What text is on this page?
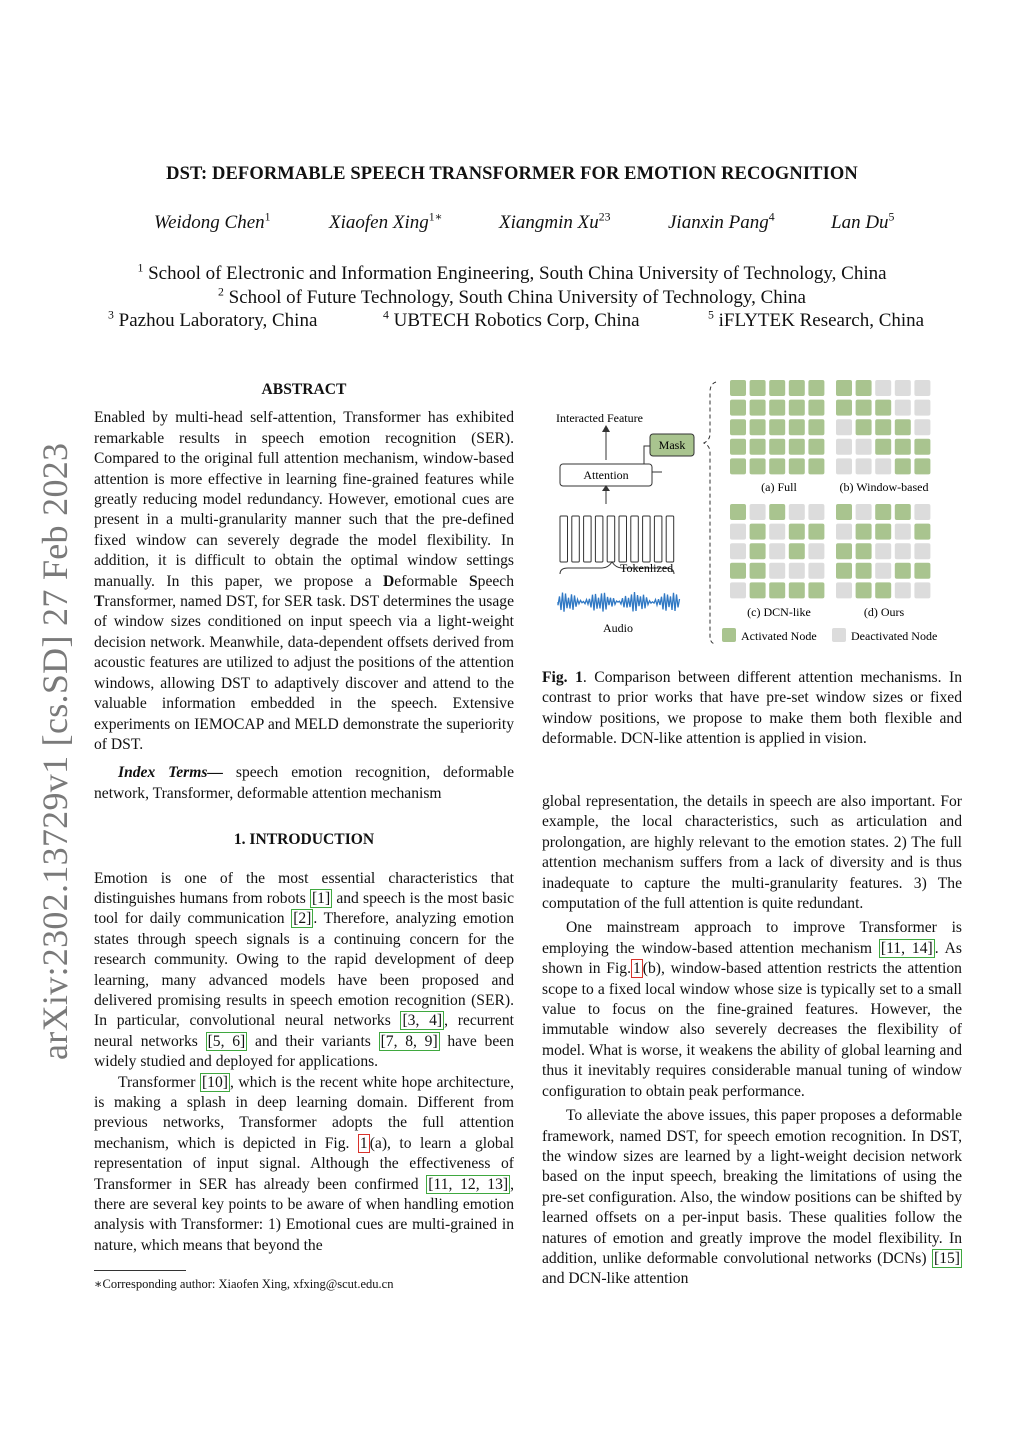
arXiv:2302.13729v1 [cs.SD] 27 Feb 2023
DST: DEFORMABLE SPEECH TRANSFORMER FOR EMOTION RECOGNITION
Weidong Chen$^1$	Xiaofen Xing$^{1∗}$	Xiangmin Xu$^{23}$	Jianxin Pang$^4$	Lan Du$^5$
$^1$ School of Electronic and Information Engineering, South China University of Technology, China
$^2$ School of Future Technology, South China University of Technology, China
$^3$ Pazhou Laboratory, China	$^4$ UBTECH Robotics Corp, China	$^5$ iFLYTEK Research, China

ABSTRACT

Enabled by multi-head self-attention, Transformer has exhibited remarkable results in speech emotion recognition (SER). Compared to the original full attention mechanism, window-based attention is more effective in learning fine-grained features while greatly reducing model redundancy. However, emotional cues are present in a multi-granularity manner such that the pre-defined fixed window can severely degrade the model flexibility. In addition, it is difficult to obtain the optimal window settings manually. In this paper, we propose a Deformable Speech Transformer, named DST, for SER task. DST determines the usage of window sizes conditioned on input speech via a light-weight decision network. Meanwhile, data-dependent offsets derived from acoustic features are utilized to adjust the positions of the attention windows, allowing DST to adaptively discover and attend to the valuable information embedded in the speech. Extensive experiments on IEMOCAP and MELD demonstrate the superiority of DST.

Index Terms— speech emotion recognition, deformable network, Transformer, deformable attention mechanism

1. INTRODUCTION

Emotion is one of the most essential characteristics that distinguishes humans from robots [1] and speech is the most basic tool for daily communication [2] . Therefore, analyzing emotion states through speech signals is a continuing concern for the research community. Owing to the rapid development of deep learning, many advanced models have been proposed and delivered promising results in speech emotion recognition (SER). In particular, convolutional neural networks [3, 4] , recurrent neural networks [5, 6] and their variants [7, 8, 9] have been widely studied and deployed for applications.

Transformer [10] , which is the recent white hope architecture, is making a splash in deep learning domain. Different from previous networks, Transformer adopts the full attention mechanism, which is depicted in Fig. 1 (a), to learn a global representation of input signal. Although the effectiveness of Transformer in SER has already been confirmed [11, 12, 13] , there are several key points to be aware of when handling emotion analysis with Transformer: 1) Emotional cues are multi-grained in nature, which means that beyond the

∗Corresponding author: Xiaofen Xing, xfxing@scut.edu.cn
Interacted Feature
Mask
Attention
Tokenlized
Audio
(a) Full	(b) Window-based
(c) DCN-like	(d) Ours
Activated Node	Deactivated Node
Fig. 1. Comparison between different attention mechanisms. In contrast to prior works that have pre-set window sizes or fixed window positions, we propose to make them both flexible and deformable. DCN-like attention is applied in vision.

global representation, the details in speech are also important. For example, the local characteristics, such as articulation and prolongation, are highly relevant to the emotion states. 2) The full attention mechanism suffers from a lack of diversity and is thus inadequate to capture the multi-granularity features. 3) The computation of the full attention is quite redundant.

One mainstream approach to improve Transformer is employing the window-based attention mechanism [11, 14] . As shown in Fig. 1 (b), window-based attention restricts the attention scope to a fixed local window whose size is typically set to a small value to focus on the fine-grained features. However, the immutable window also severely decreases the flexibility of model. What is worse, it weakens the ability of global learning and thus it inevitably requires considerable manual tuning of window configuration to obtain peak performance.

To alleviate the above issues, this paper proposes a deformable framework, named DST, for speech emotion recognition. In DST, the window sizes are learned by a light-weight decision network based on the input speech, breaking the limitations of using the pre-set configuration. Also, the window positions can be shifted by learned offsets on a per-input basis. These qualities follow the natures of emotion and greatly improve the model flexibility. In addition, unlike deformable convolutional networks (DCNs) [15] and DCN-like attention
